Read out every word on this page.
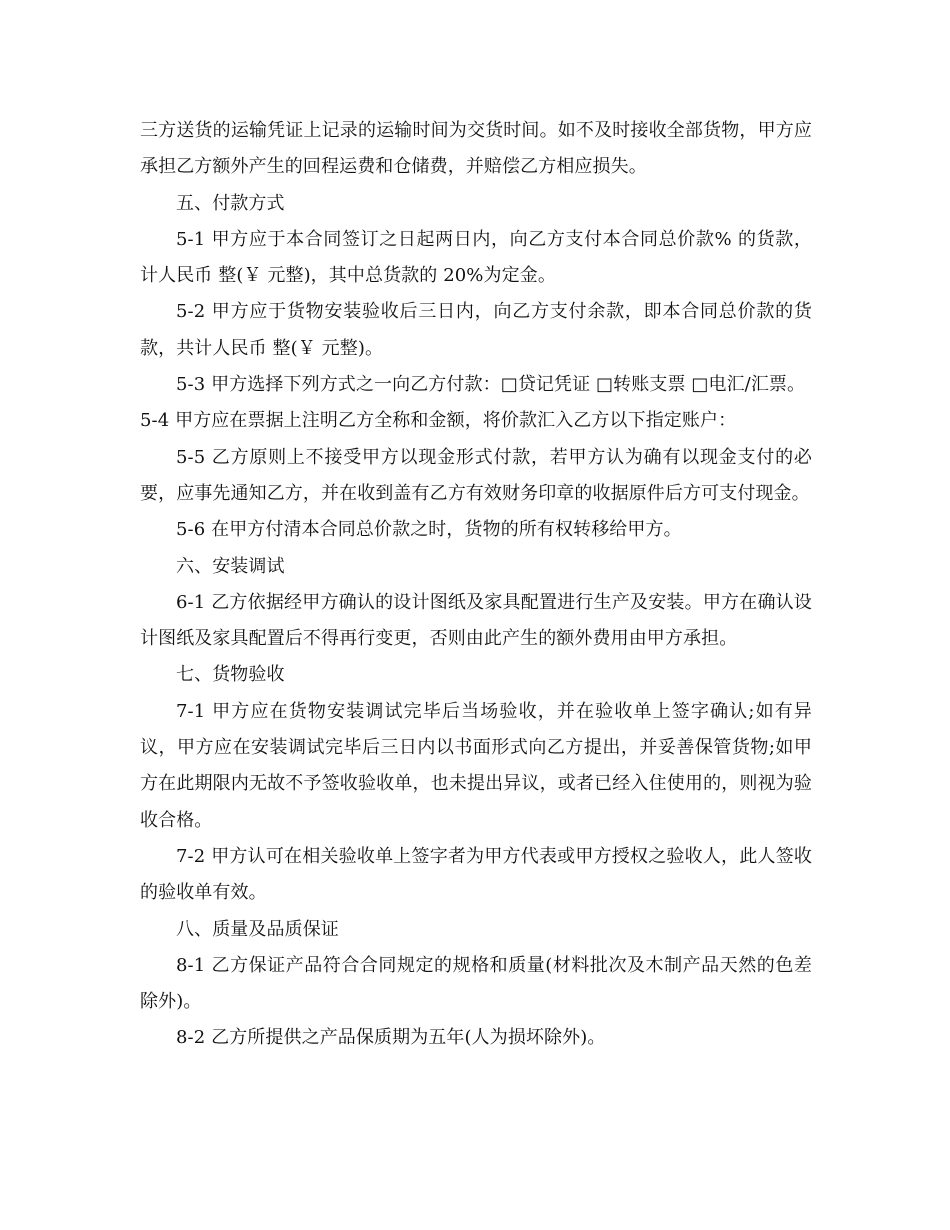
三方送货的运输凭证上记录的运输时间为交货时间。如不及时接收全部货物，甲方应承担乙方额外产生的回程运费和仓储费，并赔偿乙方相应损失。

五、付款方式

5-1 甲方应于本合同签订之日起两日内，向乙方支付本合同总价款% 的货款，计人民币 整(￥ 元整)，其中总货款的 20%为定金。

5-2 甲方应于货物安装验收后三日内，向乙方支付余款，即本合同总价款的货款，共计人民币 整(￥ 元整)。

5-3 甲方选择下列方式之一向乙方付款：□贷记凭证 □转账支票 □电汇/汇票。

5-4 甲方应在票据上注明乙方全称和金额，将价款汇入乙方以下指定账户：

5-5 乙方原则上不接受甲方以现金形式付款，若甲方认为确有以现金支付的必要，应事先通知乙方，并在收到盖有乙方有效财务印章的收据原件后方可支付现金。

5-6 在甲方付清本合同总价款之时，货物的所有权转移给甲方。

六、安装调试

6-1 乙方依据经甲方确认的设计图纸及家具配置进行生产及安装。甲方在确认设计图纸及家具配置后不得再行变更，否则由此产生的额外费用由甲方承担。

七、货物验收

7-1 甲方应在货物安装调试完毕后当场验收，并在验收单上签字确认;如有异议，甲方应在安装调试完毕后三日内以书面形式向乙方提出，并妥善保管货物;如甲方在此期限内无故不予签收验收单，也未提出异议，或者已经入住使用的，则视为验收合格。

7-2 甲方认可在相关验收单上签字者为甲方代表或甲方授权之验收人，此人签收的验收单有效。

八、质量及品质保证

8-1 乙方保证产品符合合同规定的规格和质量(材料批次及木制产品天然的色差除外)。

8-2 乙方所提供之产品保质期为五年(人为损坏除外)。
